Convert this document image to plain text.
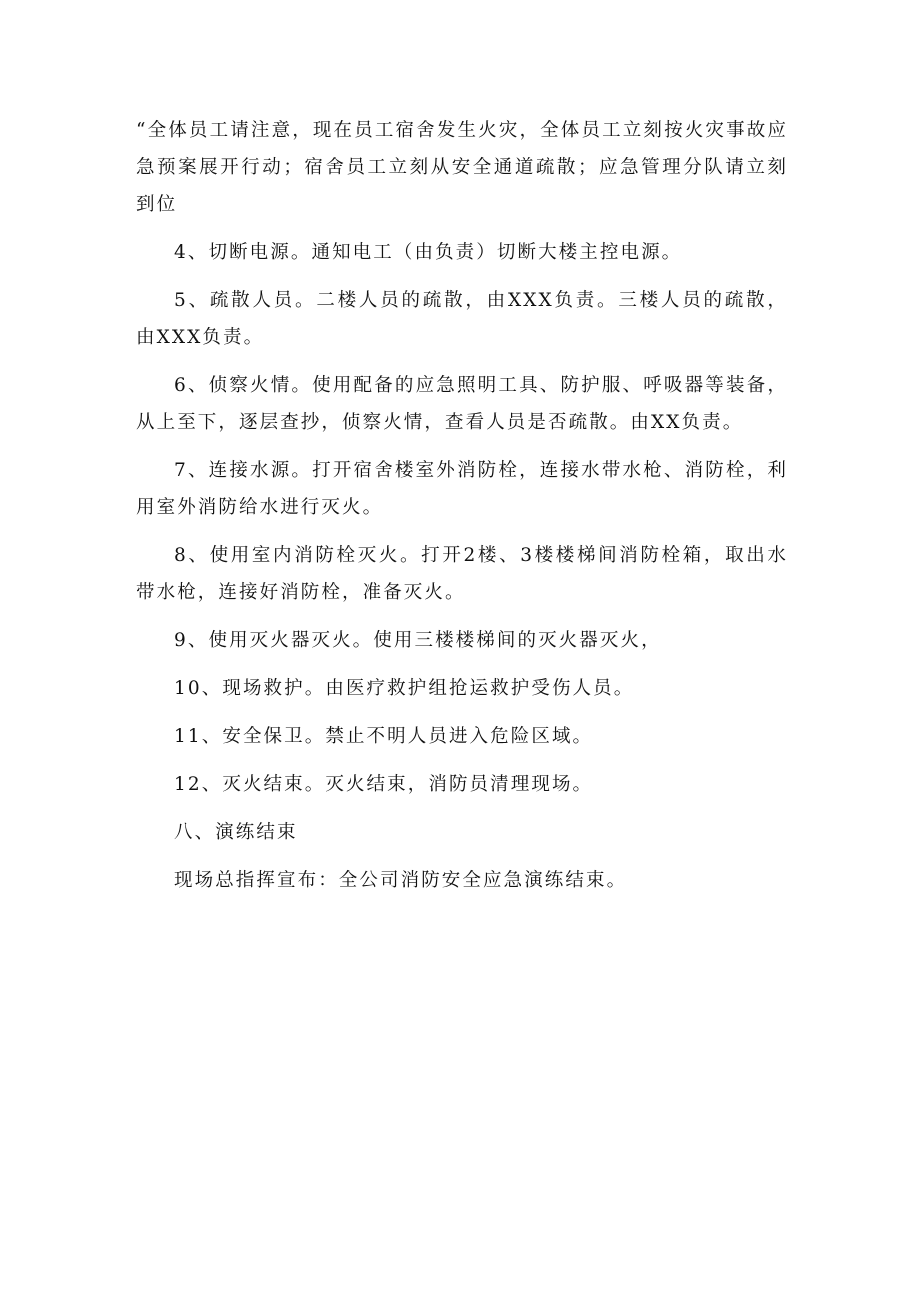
“全体员工请注意，现在员工宿舍发生火灾，全体员工立刻按火灾事故应急预案展开行动；宿舍员工立刻从安全通道疏散；应急管理分队请立刻到位

4、切断电源。通知电工（由负责）切断大楼主控电源。

5、疏散人员。二楼人员的疏散，由XXX负责。三楼人员的疏散，由XXX负责。

6、侦察火情。使用配备的应急照明工具、防护服、呼吸器等装备，从上至下，逐层查抄，侦察火情，查看人员是否疏散。由XX负责。

7、连接水源。打开宿舍楼室外消防栓，连接水带水枪、消防栓，利用室外消防给水进行灭火。

8、使用室内消防栓灭火。打开2楼、3楼楼梯间消防栓箱，取出水带水枪，连接好消防栓，准备灭火。

9、使用灭火器灭火。使用三楼楼梯间的灭火器灭火，

10、现场救护。由医疗救护组抢运救护受伤人员。

11、安全保卫。禁止不明人员进入危险区域。

12、灭火结束。灭火结束，消防员清理现场。

八、演练结束

现场总指挥宣布：全公司消防安全应急演练结束。
